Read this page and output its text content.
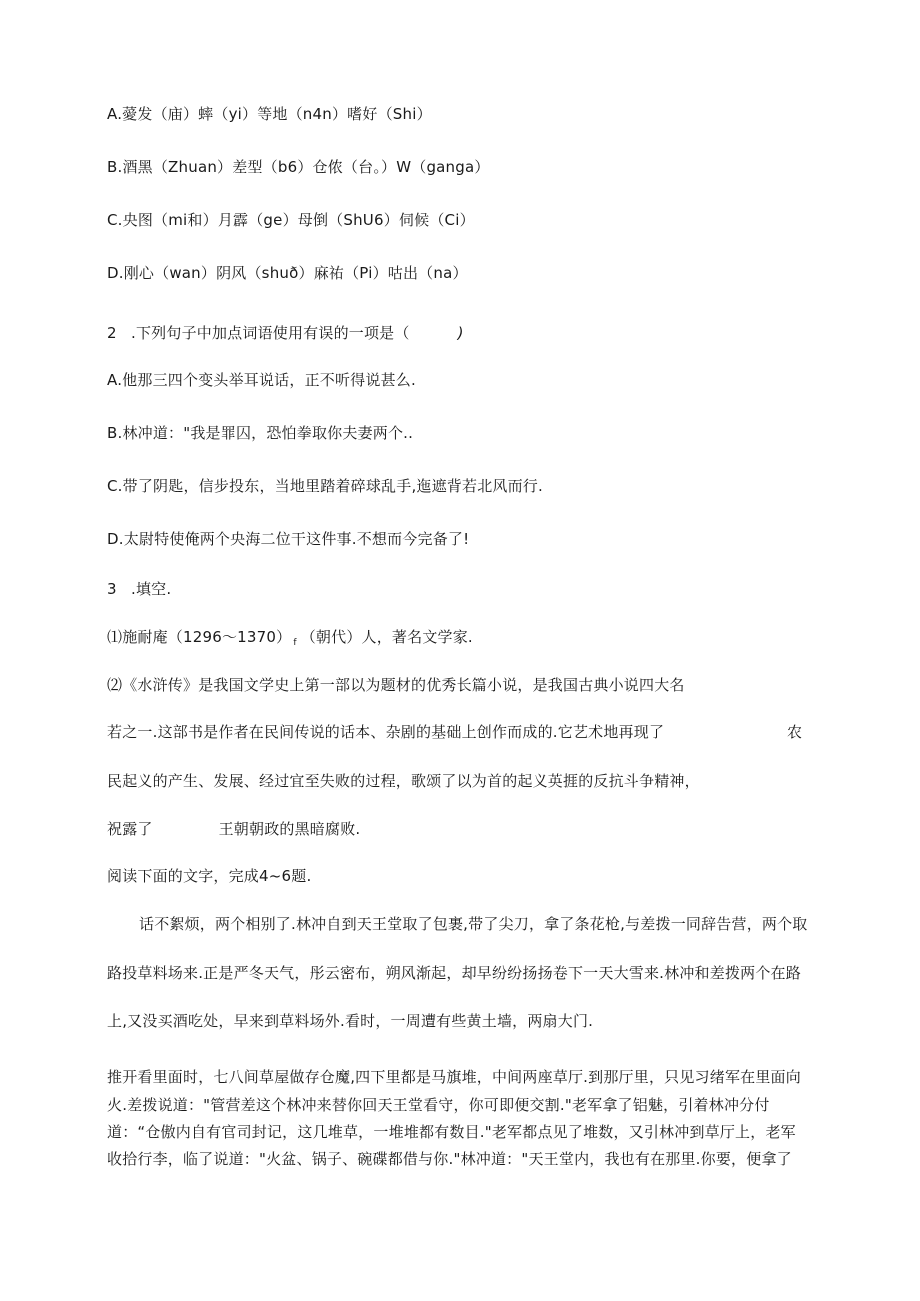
A.薆发（庙）蟀（yi）等地（n4n）嗜好（Shi）
B.酒黑（Zhuan）差型（b6）仓侬（台。）W（ganga）
C.央图（mi和）月霹（ge）母倒（ShU6）伺候（Ci）
D.刚心（wan）阴风（shuð）麻祐（Pi）咕出（na）
2 .下列句子中加点词语使用有误的一项是（	)
A.他那三四个变头举耳说话，正不听得说甚么.
B.林冲道："我是罪囚，恐怕拳取你夫妻两个..
C.带了阴匙，信步投东，当地里踏着碎球乱手,迤遮背若北风而行.
D.太尉特使俺两个央海二位干这件事.不想而今完备了!
3 .填空.
⑴施耐庵（1296〜1370） $_f$ （朝代）人，著名文学家.
⑵《水浒传》是我国文学史上第一部以为题材的优秀长篇小说，是我国古典小说四大名
若之一.这部书是作者在民间传说的话本、杂剧的基础上创作而成的.它艺术地再现了	农
民起义的产生、发展、经过宜至失败的过程，歌颂了以为首的起义英捱的反抗斗争精神，
祝露了	王朝朝政的黑暗腐败.
阅读下面的文字，完成4~6题.
话不絮烦，两个相别了.林冲自到天王堂取了包裹,带了尖刀，拿了条花枪,与差拨一同辞告营，两个取
路投草料场来.正是严冬天气，彤云密布，朔风渐起，却早纷纷扬扬卷下一天大雪来.林冲和差拨两个在路
上,又没买酒吃处，早来到草料场外.看时，一周遭有些黄土墙，两扇大门.
推开看里面时，七八间草屋做存仓魔,四下里都是马旗堆，中间两座草厅.到那厅里，只见习绪军在里面向
火.差拨说道："管营差这个林冲来替你回天王堂看守，你可即便交割."老军拿了铝魅，引着林冲分付
道：“仓傲内自有官司封记，这几堆草，一堆堆都有数目."老军都点见了堆数，又引林冲到草厅上，老军
收拾行李，临了说道："火盆、锅子、碗碟都借与你."林冲道："天王堂内，我也有在那里.你要，便拿了
